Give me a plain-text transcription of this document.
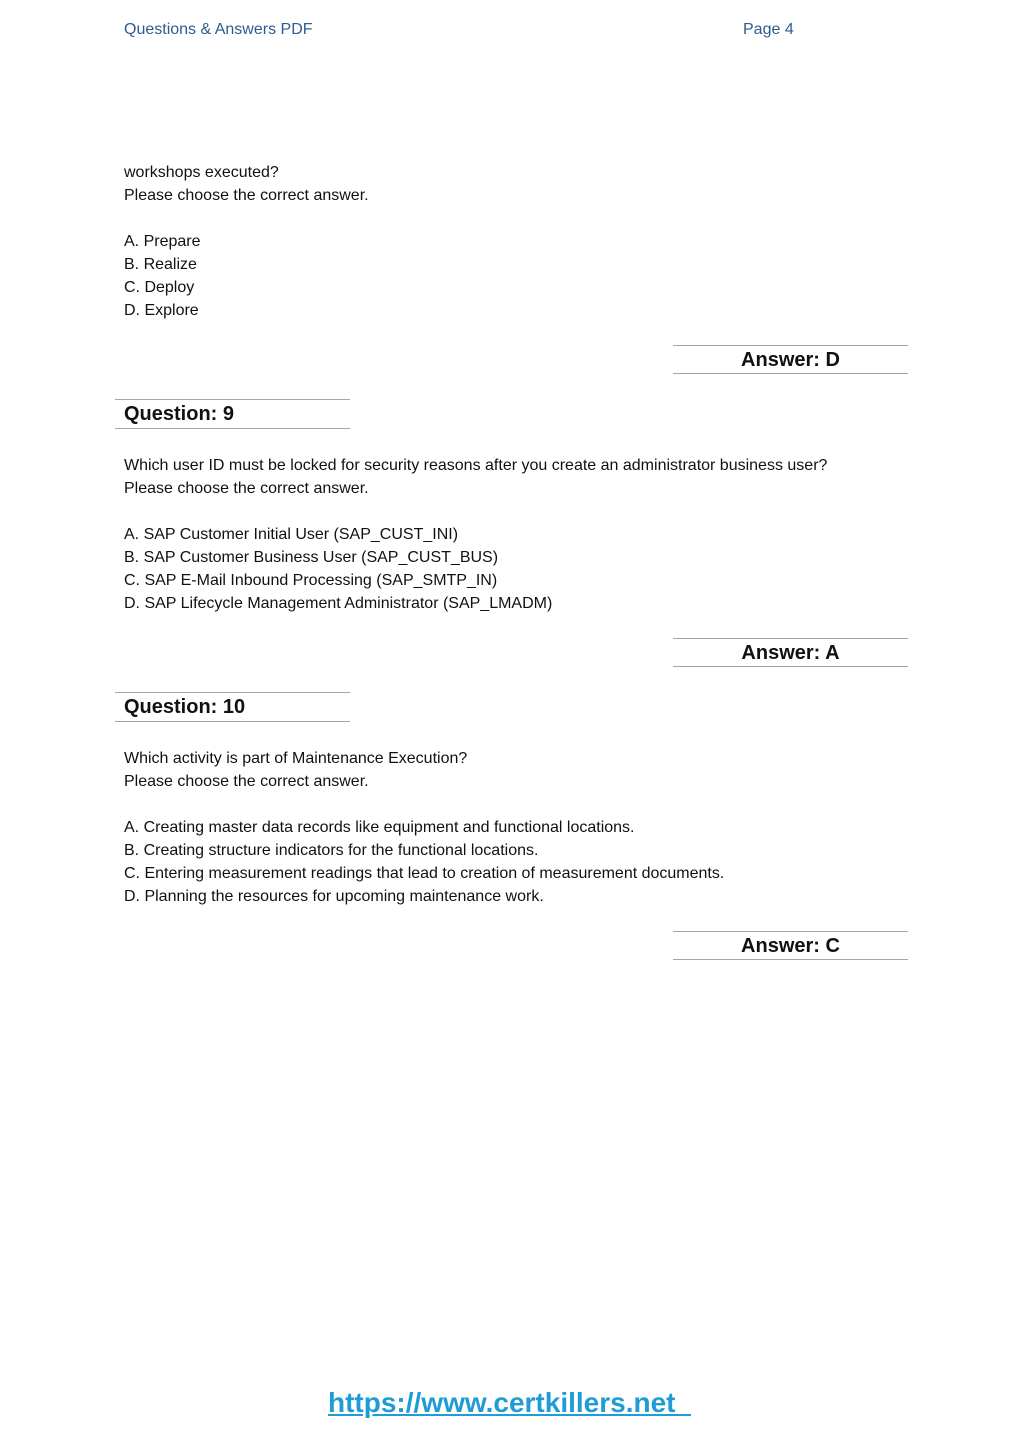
Questions & Answers PDF	Page 4
workshops executed?
Please choose the correct answer.
A. Prepare
B. Realize
C. Deploy
D. Explore
Answer: D
Question: 9
Which user ID must be locked for security reasons after you create an administrator business user?
Please choose the correct answer.
A. SAP Customer Initial User (SAP_CUST_INI)
B. SAP Customer Business User (SAP_CUST_BUS)
C. SAP E-Mail Inbound Processing (SAP_SMTP_IN)
D. SAP Lifecycle Management Administrator (SAP_LMADM)
Answer: A
Question: 10
Which activity is part of Maintenance Execution?
Please choose the correct answer.
A. Creating master data records like equipment and functional locations.
B. Creating structure indicators for the functional locations.
C. Entering measurement readings that lead to creation of measurement documents.
D. Planning the resources for upcoming maintenance work.
Answer: C
https://www.certkillers.net
